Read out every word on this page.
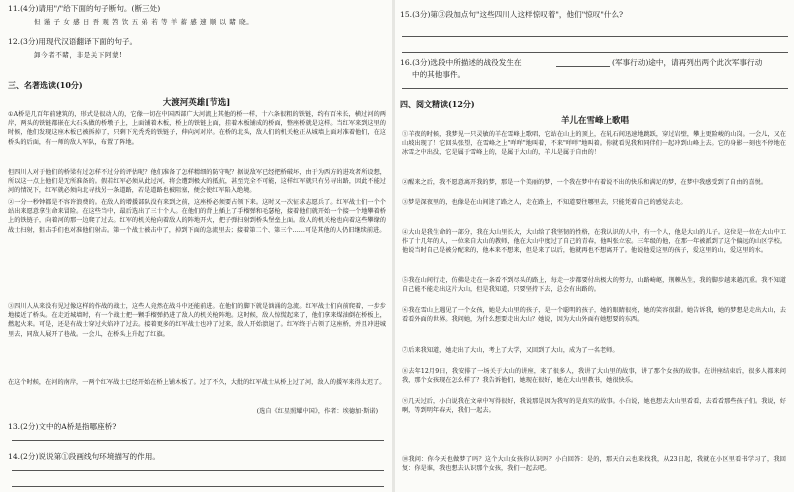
11.(4分)请用"/"给下面的句子断句。(断三处)
但 谨 子 女 感 日 吾 观 笤 饮 五 弟 若 等 羊 蓄 感 速 顺 以 睹 晓。
12.(3分)用现代汉语翻译下面的句子。
卸今者不睹，非是关下阿蒙!
三、名著选读(10分)
大渡河英雄[节选]
①A桥是几百年前建筑的，形式是很动人的，它像一切在中国西部广大河流上其他的桥一样，十六条很粗的铁链，约有百米长，横过河的两岸，两头的铁链都嵌在大石头做的桥墩子上，上面铺着木板，桥上的铁链上面，挂着木板铺成的桥面，整座桥就是这样。当红军来到这里的时候，他们发现这座木板已被拆掉了，只剩下光秃秃的铁链子，伸向河对岸。在桥的北头，敌人们的机关枪正从城墙上面对准着他们，在这桥头的后面，有一师的敌人军队，布置了阵地。
但四川人对于他们的桥梁有过怎样不过分的评估呢？他们准备了怎样精细的防守呢？据说敌军已经把桥破坏，由于为西方的进攻者所设想，所以这一点上他们是无所准备的。假若红军必须从此过河，将会遭到极大的抵抗，甚至完全不可能，这样红军就只有另寻出路，因此不能过河的情况下，红军就必须向北寻找另一条道路，若是道路也被阻塞，便会使红军陷入绝境。
②一分一秒钟都是不容许浪费的。在敌人的增援部队没有来到之前，这座桥必须要占领下来。这时又一次征求志愿兵了。红军战士们一个个站出来愿意拿生命来冒险。在这些当中，最后选出了三十个人。在他们的背上插上了手榴弹和毛瑟枪，接着他们就开始一个接一个地攀着桥上的铁链子，向着河的那一边爬了过去。红军的机关枪向着敌人的阵地开火，把子弹扫射到桥头堡垒上面。敌人的机关枪也向着这些攀缘的战士扫射，狙击手们也对准他们射击。第一个战士被击中了，掉到下面的急流里去；接着第二个、第三个……可是其他的人仍旧继续前进。
③四川人从来没有见过像这样的作战的战士，这些人竟然在战斗中还能前进。在他们的脚下就是汹涌的急流。红军战士们向前爬着，一步步地接近了桥头。在走近城墙时，有一个战士把一颗手榴弹扔进了敌人的机关枪阵地。这时候，敌人惊慌起来了，他们拿来煤油倒在桥板上，燃起火来。可是，还是有战士穿过火焰冲了过去。接着更多的红军战士也冲了过来，敌人开始溃退了。红军终于占领了这座桥，并且冲进城里去，同敌人展开了巷战。一会儿，在桥头上升起了红旗。
在这个时候，在河的南岸，一两个红军战士已经开始在桥上铺木板了。过了不久，大批的红军战士从桥上过了河，敌人的援军来得太迟了。
(选自《红星照耀中国》，作者：埃德加·斯诺)
13.(2分)文中的A桥是指哪座桥?
14.(2分)说说第①段画线句环境描写的作用。
15.(3分)第③段加点句"这些四川人这样惊叹着"，他们"惊叹"什么?
16.(3分)选段中所描述的战役发生在	(军事行动)途中，请再列出两个此次军事行动
中的其他事件。
四、阅文精读(12分)
羊儿在雪峰上歌唱
①羊夜的时候，我梦见一只灵敏的羊在雪峰上歌唱，它站在山上的顶上，在轧石间迅速地跳跃，穿过岩壁，攀上更险峻的山岗。一会儿，又在山坡出现了！它回头张望，在雪峰之上"咩咩"地叫着，不来"咩咩"地叫着。你就看见我和同伴们一起冲到山峰上去。它的身影一刻也不停地在冰雪之中出没，它是属于雪峰上的，是属于大山的，羊儿是属于自由的！
②醒来之后，我不愿意离开我的梦，那是一个美丽的梦，一个我在梦中有着说不出的快乐和满足的梦，在梦中我感受到了自由的喜悦。
③梦是深夜里的，也像是在山间迷了路之人，走在路上，不知道要往哪里去，只能凭着自己的感觉去走。
④大山是我生命的一部分，我在大山里长大，大山给了我坚韧的性格，在我认识的人中，有一个人，他是大山的儿子。这位是一位在大山中工作了十几年的人，一位来自大山的教师，他在大山中度过了自己的青春，他叫张立宏。三年级的他，在那一年被派到了这个偏远的山区学校。他说当时自己是被分配来的，他本来不想来，但是来了以后，他就再也不想离开了。他说他爱这里的孩子，爱这里的山，爱这里的水。
⑤我在山间行走，仿佛是走在一条看不到尽头的路上，每走一步都要付出极大的努力，山路崎岖，荆棘丛生，我的脚步越来越沉重。我不知道自己能不能走出这片大山，但是我知道，只要坚持下去，总会有出路的。
⑥我在雪山上遇见了一个女孩，她是大山里的孩子，是一个聪明的孩子，她的眼睛很亮，她的笑容很甜。她告诉我，她的梦想是走出大山，去看看外面的世界。我问她，为什么想要走出大山？她说，因为大山外面有她想要的东西。
⑦后来我知道，她走出了大山，考上了大学，又回到了大山，成为了一名老师。
⑧去年12月9日，我安排了一场关于大山的讲座，来了很多人，我讲了大山里的故事，讲了那个女孩的故事。在讲座结束后，很多人都来问我，那个女孩现在怎么样了？我告诉他们，她现在很好，她在大山里教书，她很快乐。
⑨几天过后，小白说我在文章中写得很好，我说那是因为我写的是真实的故事。小白说，她也想去大山里看看，去看看那些孩子们。我说，好啊，等到明年春天，我们一起去。
⑩我问：你今天也做梦了吗？这个大山女孩你认识吗？小白回答：是的，那天白云也来找我，从23日起，我就在小区里看书学习了，我回复：你是谁，我也想去认识那个女孩，我们一起去吧。
